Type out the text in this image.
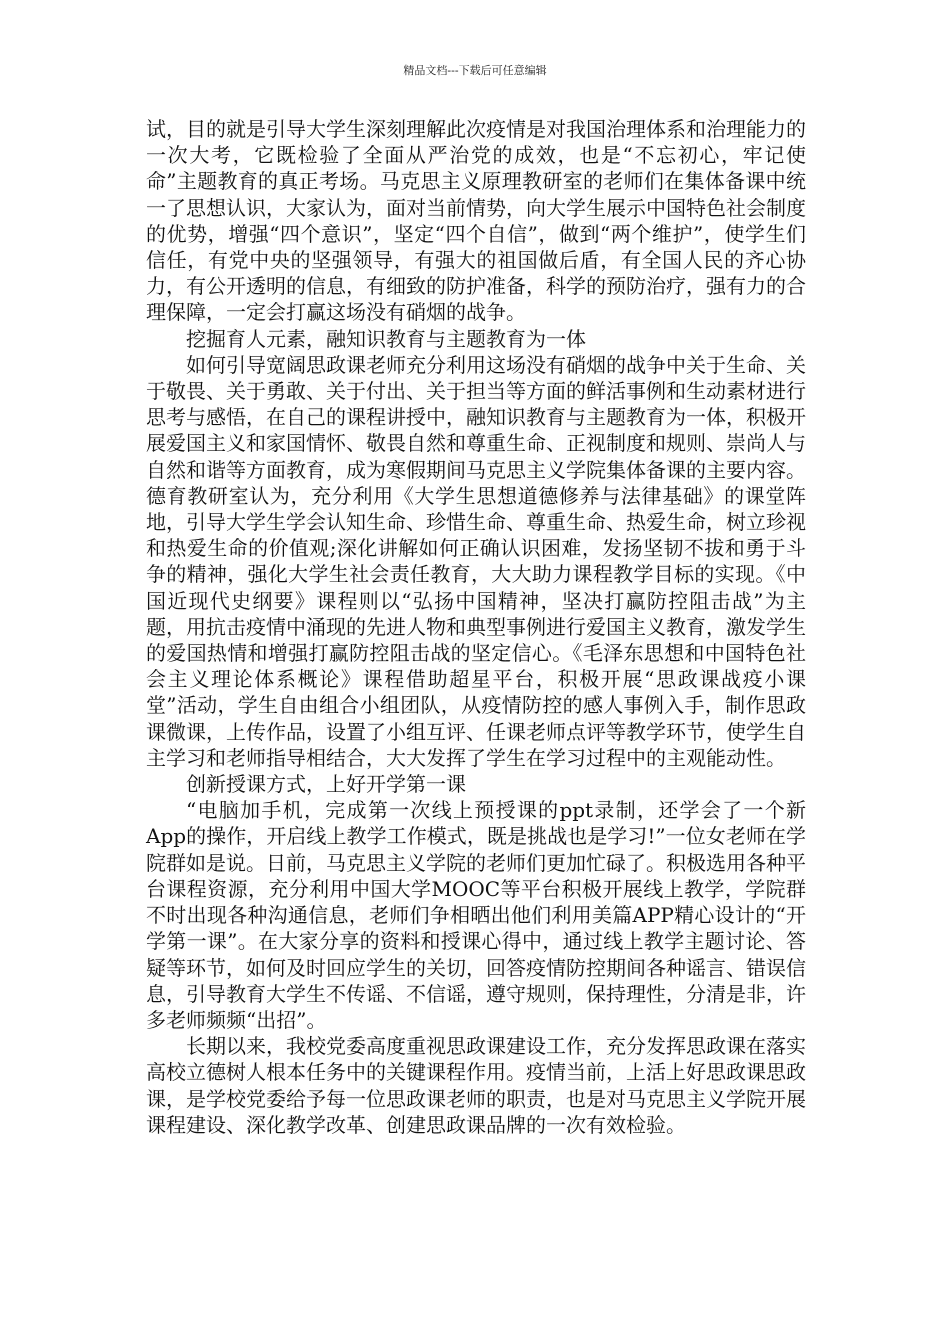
精品文档---下载后可任意编辑

试，目的就是引导大学生深刻理解此次疫情是对我国治理体系和治理能力的一次大考，它既检验了全面从严治党的成效，也是“不忘初心，牢记使命”主题教育的真正考场。马克思主义原理教研室的老师们在集体备课中统一了思想认识，大家认为，面对当前情势，向大学生展示中国特色社会制度的优势，增强“四个意识”，坚定“四个自信”，做到“两个维护”，使学生们信任，有党中央的坚强领导，有强大的祖国做后盾，有全国人民的齐心协力，有公开透明的信息，有细致的防护准备，科学的预防治疗，强有力的合理保障，一定会打赢这场没有硝烟的战争。

挖掘育人元素，融知识教育与主题教育为一体

如何引导宽阔思政课老师充分利用这场没有硝烟的战争中关于生命、关于敬畏、关于勇敢、关于付出、关于担当等方面的鲜活事例和生动素材进行思考与感悟，在自己的课程讲授中，融知识教育与主题教育为一体，积极开展爱国主义和家国情怀、敬畏自然和尊重生命、正视制度和规则、崇尚人与自然和谐等方面教育，成为寒假期间马克思主义学院集体备课的主要内容。德育教研室认为，充分利用《大学生思想道德修养与法律基础》的课堂阵地，引导大学生学会认知生命、珍惜生命、尊重生命、热爱生命，树立珍视和热爱生命的价值观;深化讲解如何正确认识困难，发扬坚韧不拔和勇于斗争的精神，强化大学生社会责任教育，大大助力课程教学目标的实现。《中国近现代史纲要》课程则以“弘扬中国精神，坚决打赢防控阻击战”为主题，用抗击疫情中涌现的先进人物和典型事例进行爱国主义教育，激发学生的爱国热情和增强打赢防控阻击战的坚定信心。《毛泽东思想和中国特色社会主义理论体系概论》课程借助超星平台，积极开展“思政课战疫小课堂”活动，学生自由组合小组团队，从疫情防控的感人事例入手，制作思政课微课，上传作品，设置了小组互评、任课老师点评等教学环节，使学生自主学习和老师指导相结合，大大发挥了学生在学习过程中的主观能动性。

创新授课方式，上好开学第一课

“电脑加手机，完成第一次线上预授课的ppt录制，还学会了一个新App的操作，开启线上教学工作模式，既是挑战也是学习!”一位女老师在学院群如是说。日前，马克思主义学院的老师们更加忙碌了。积极选用各种平台课程资源，充分利用中国大学MOOC等平台积极开展线上教学，学院群不时出现各种沟通信息，老师们争相晒出他们利用美篇APP精心设计的“开学第一课”。在大家分享的资料和授课心得中，通过线上教学主题讨论、答疑等环节，如何及时回应学生的关切，回答疫情防控期间各种谣言、错误信息，引导教育大学生不传谣、不信谣，遵守规则，保持理性，分清是非，许多老师频频“出招”。

长期以来，我校党委高度重视思政课建设工作，充分发挥思政课在落实高校立德树人根本任务中的关键课程作用。疫情当前，上活上好思政课思政课，是学校党委给予每一位思政课老师的职责，也是对马克思主义学院开展课程建设、深化教学改革、创建思政课品牌的一次有效检验。
